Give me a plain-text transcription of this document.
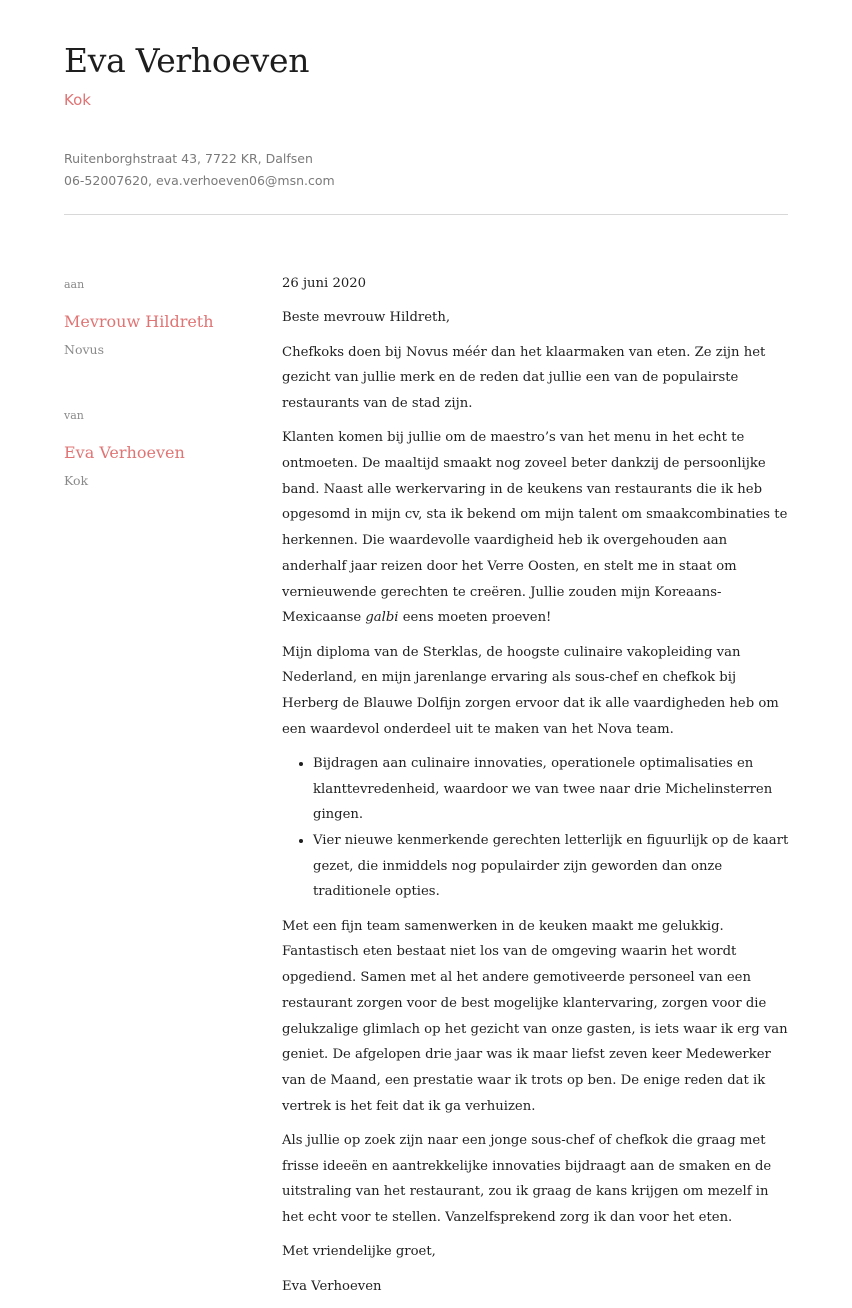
Eva Verhoeven
Kok
Ruitenborghstraat 43, 7722 KR, Dalfsen
06-52007620, eva.verhoeven06@msn.com
aan
Mevrouw Hildreth
Novus
van
Eva Verhoeven
Kok

26 juni 2020

Beste mevrouw Hildreth,

Chefkoks doen bij Novus méér dan het klaarmaken van eten. Ze zijn het gezicht van jullie merk en de reden dat jullie een van de populairste restaurants van de stad zijn.

Klanten komen bij jullie om de maestro’s van het menu in het echt te ontmoeten. De maaltijd smaakt nog zoveel beter dankzij de persoonlijke band. Naast alle werkervaring in de keukens van restaurants die ik heb opgesomd in mijn cv, sta ik bekend om mijn talent om smaakcombinaties te herkennen. Die waardevolle vaardigheid heb ik overgehouden aan anderhalf jaar reizen door het Verre Oosten, en stelt me in staat om vernieuwende gerechten te creëren. Jullie zouden mijn Koreaans-Mexicaanse galbi eens moeten proeven!

Mijn diploma van de Sterklas, de hoogste culinaire vakopleiding van Nederland, en mijn jarenlange ervaring als sous-chef en chefkok bij Herberg de Blauwe Dolfijn zorgen ervoor dat ik alle vaardigheden heb om een waardevol onderdeel uit te maken van het Nova team.

• Bijdragen aan culinaire innovaties, operationele optimalisaties en klanttevredenheid, waardoor we van twee naar drie Michelinsterren gingen.
• Vier nieuwe kenmerkende gerechten letterlijk en figuurlijk op de kaart gezet, die inmiddels nog populairder zijn geworden dan onze traditionele opties.

Met een fijn team samenwerken in de keuken maakt me gelukkig. Fantastisch eten bestaat niet los van de omgeving waarin het wordt opgediend. Samen met al het andere gemotiveerde personeel van een restaurant zorgen voor de best mogelijke klantervaring, zorgen voor die gelukzalige glimlach op het gezicht van onze gasten, is iets waar ik erg van geniet. De afgelopen drie jaar was ik maar liefst zeven keer Medewerker van de Maand, een prestatie waar ik trots op ben. De enige reden dat ik vertrek is het feit dat ik ga verhuizen.

Als jullie op zoek zijn naar een jonge sous-chef of chefkok die graag met frisse ideeën en aantrekkelijke innovaties bijdraagt aan de smaken en de uitstraling van het restaurant, zou ik graag de kans krijgen om mezelf in het echt voor te stellen. Vanzelfsprekend zorg ik dan voor het eten.

Met vriendelijke groet,

Eva Verhoeven
